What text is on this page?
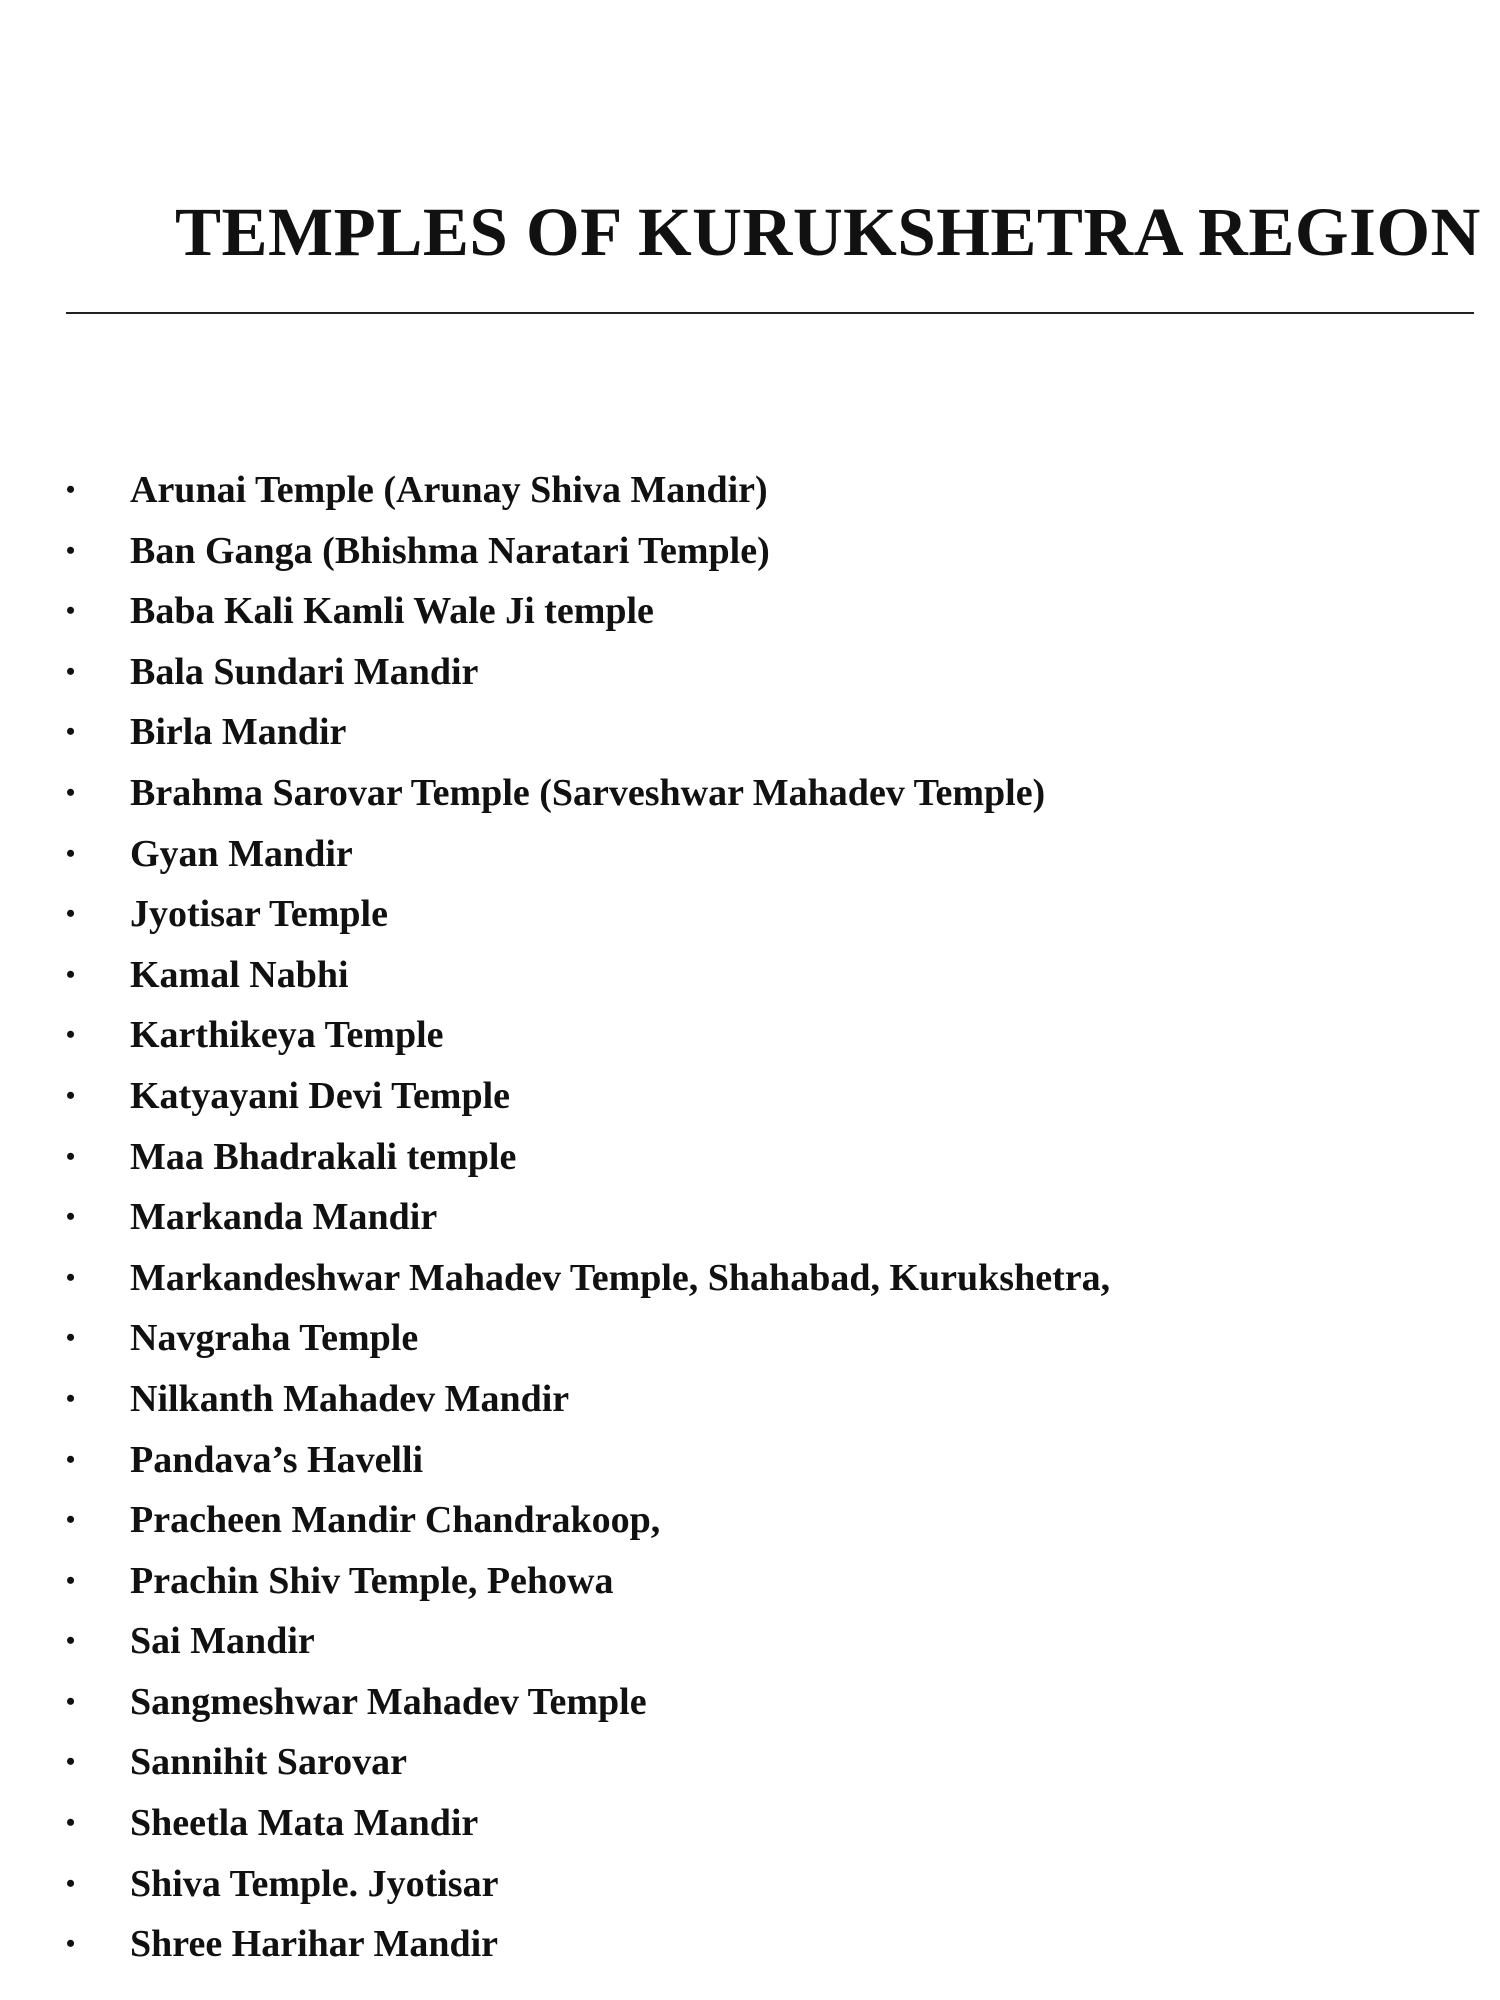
TEMPLES OF KURUKSHETRA REGION
• Arunai Temple (Arunay Shiva Mandir)
• Ban Ganga (Bhishma Naratari Temple)
• Baba Kali Kamli Wale Ji temple
• Bala Sundari Mandir
• Birla Mandir
• Brahma Sarovar Temple (Sarveshwar Mahadev Temple)
• Gyan Mandir
• Jyotisar Temple
• Kamal Nabhi
• Karthikeya Temple
• Katyayani Devi Temple
• Maa Bhadrakali temple
• Markanda Mandir
• Markandeshwar Mahadev Temple, Shahabad, Kurukshetra,
• Navgraha Temple
• Nilkanth Mahadev Mandir
• Pandava’s Havelli
• Pracheen Mandir Chandrakoop,
• Prachin Shiv Temple, Pehowa
• Sai Mandir
• Sangmeshwar Mahadev Temple
• Sannihit Sarovar
• Sheetla Mata Mandir
• Shiva Temple. Jyotisar
• Shree Harihar Mandir
